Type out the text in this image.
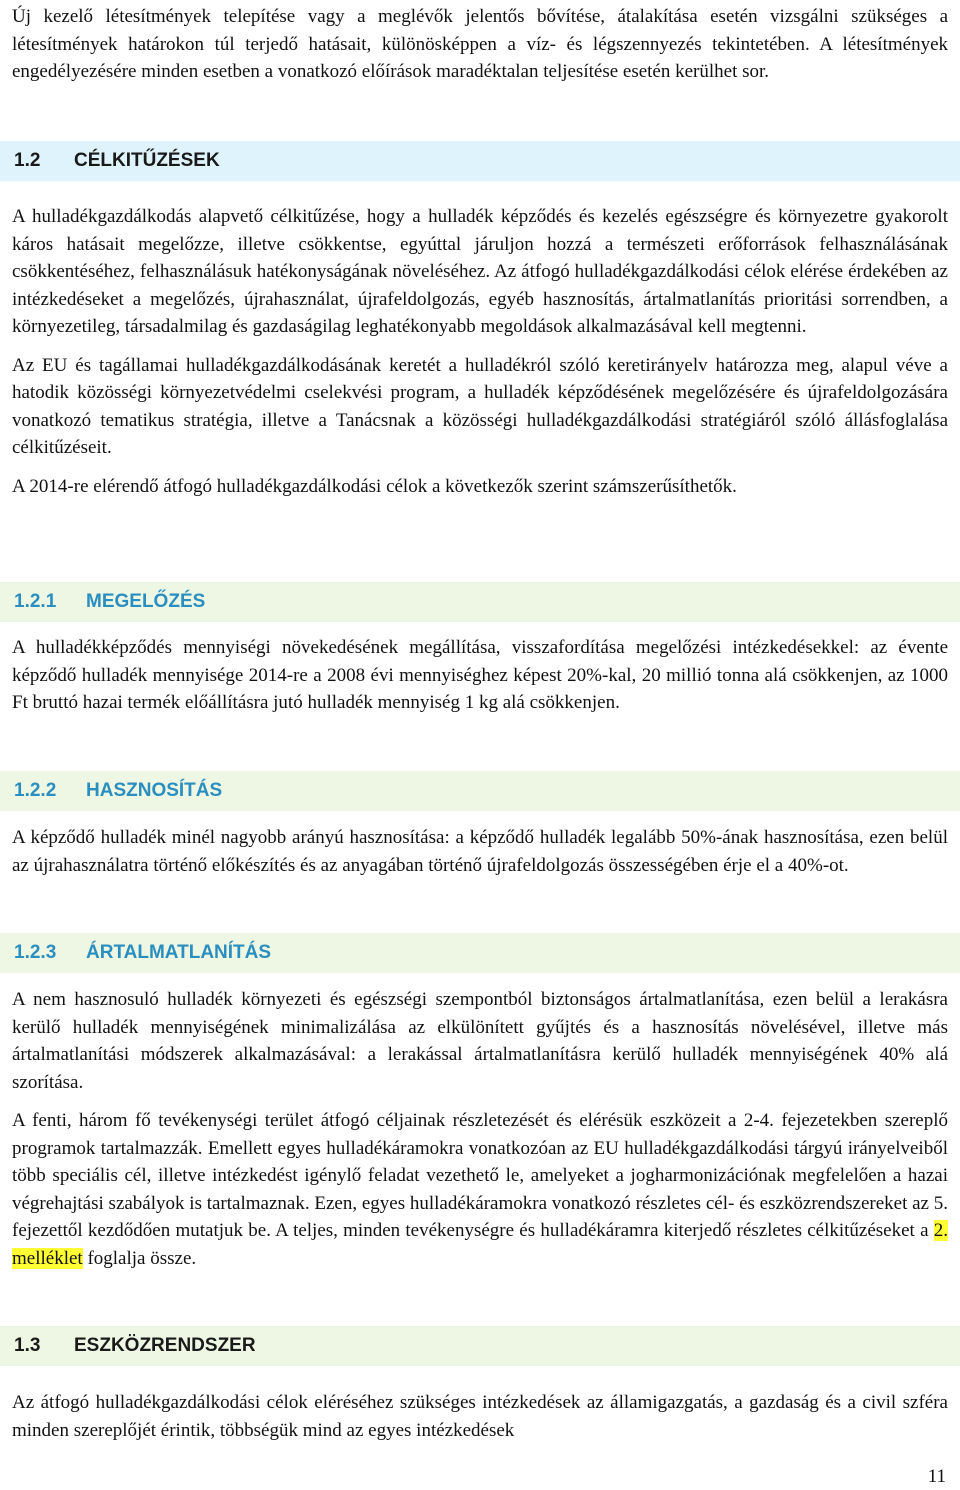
Új kezelő létesítmények telepítése vagy a meglévők jelentős bővítése, átalakítása esetén vizsgálni szükséges a létesítmények határokon túl terjedő hatásait, különösképpen a víz- és légszennyezés tekintetében. A létesítmények engedélyezésére minden esetben a vonatkozó előírások maradéktalan teljesítése esetén kerülhet sor.

1.2	CÉLKITŰZÉSEK

A hulladékgazdálkodás alapvető célkitűzése, hogy a hulladék képződés és kezelés egészségre és környezetre gyakorolt káros hatásait megelőzze, illetve csökkentse, egyúttal járuljon hozzá a természeti erőforrások felhasználásának csökkentéséhez, felhasználásuk hatékonyságának növeléséhez. Az átfogó hulladékgazdálkodási célok elérése érdekében az intézkedéseket a megelőzés, újrahasználat, újrafeldolgozás, egyéb hasznosítás, ártalmatlanítás prioritási sorrendben, a környezetileg, társadalmilag és gazdaságilag leghatékonyabb megoldások alkalmazásával kell megtenni.

Az EU és tagállamai hulladékgazdálkodásának keretét a hulladékról szóló keretirányelv határozza meg, alapul véve a hatodik közösségi környezetvédelmi cselekvési program, a hulladék képződésének megelőzésére és újrafeldolgozására vonatkozó tematikus stratégia, illetve a Tanácsnak a közösségi hulladékgazdálkodási stratégiáról szóló állásfoglalása célkitűzéseit.

A 2014-re elérendő átfogó hulladékgazdálkodási célok a következők szerint számszerűsíthetők.

1.2.1	MEGELŐZÉS

A hulladékképződés mennyiségi növekedésének megállítása, visszafordítása megelőzési intézkedésekkel: az évente képződő hulladék mennyisége 2014-re a 2008 évi mennyiséghez képest 20%-kal, 20 millió tonna alá csökkenjen, az 1000 Ft bruttó hazai termék előállításra jutó hulladék mennyiség 1 kg alá csökkenjen.

1.2.2	HASZNOSÍTÁS

A képződő hulladék minél nagyobb arányú hasznosítása: a képződő hulladék legalább 50%-ának hasznosítása, ezen belül az újrahasználatra történő előkészítés és az anyagában történő újrafeldolgozás összességében érje el a 40%-ot.

1.2.3	ÁRTALMATLANÍTÁS

A nem hasznosuló hulladék környezeti és egészségi szempontból biztonságos ártalmatlanítása, ezen belül a lerakásra kerülő hulladék mennyiségének minimalizálása az elkülönített gyűjtés és a hasznosítás növelésével, illetve más ártalmatlanítási módszerek alkalmazásával: a lerakással ártalmatlanításra kerülő hulladék mennyiségének 40% alá szorítása.

A fenti, három fő tevékenységi terület átfogó céljainak részletezését és elérésük eszközeit a 2-4. fejezetekben szereplő programok tartalmazzák. Emellett egyes hulladékáramokra vonatkozóan az EU hulladékgazdálkodási tárgyú irányelveiből több speciális cél, illetve intézkedést igénylő feladat vezethető le, amelyeket a jogharmonizációnak megfelelően a hazai végrehajtási szabályok is tartalmaznak. Ezen, egyes hulladékáramokra vonatkozó részletes cél- és eszközrendszereket az 5. fejezettől kezdődően mutatjuk be. A teljes, minden tevékenységre és hulladékáramra kiterjedő részletes célkitűzéseket a 2. melléklet foglalja össze.

1.3	ESZKÖZRENDSZER

Az átfogó hulladékgazdálkodási célok eléréséhez szükséges intézkedések az államigazgatás, a gazdaság és a civil szféra minden szereplőjét érintik, többségük mind az egyes intézkedések

11
